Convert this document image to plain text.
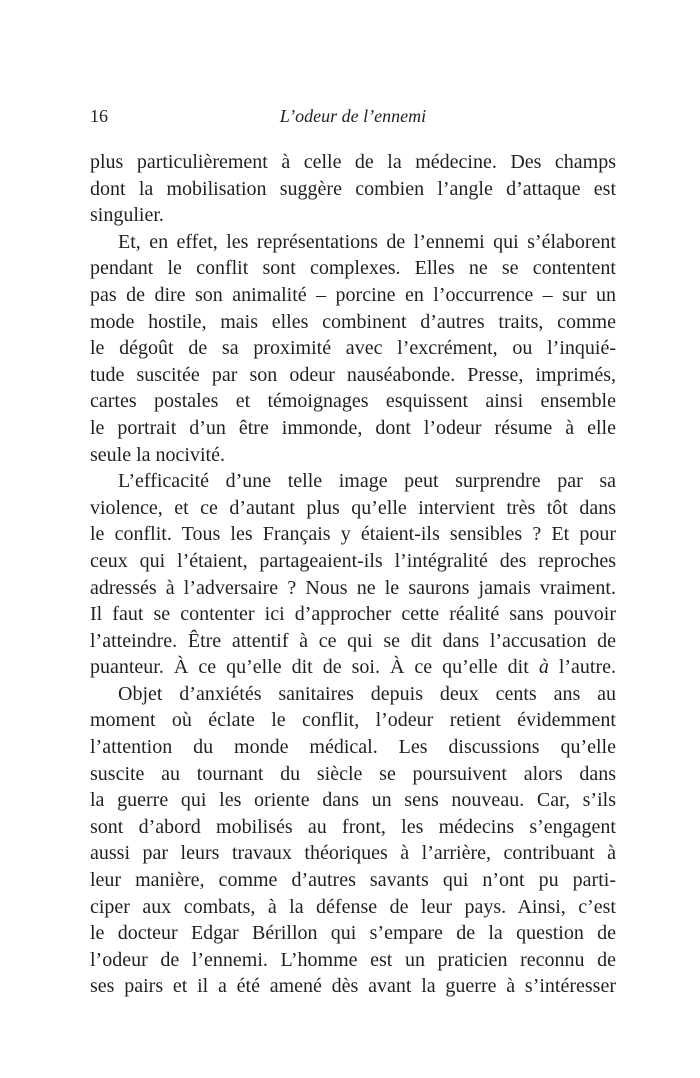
16	L’odeur de l’ennemi
plus particulièrement à celle de la médecine. Des champs
dont la mobilisation suggère combien l’angle d’attaque est
singulier.
Et, en effet, les représentations de l’ennemi qui s’élaborent
pendant le conflit sont complexes. Elles ne se contentent
pas de dire son animalité – porcine en l’occurrence – sur un
mode hostile, mais elles combinent d’autres traits, comme
le dégoût de sa proximité avec l’excrément, ou l’inquié-
tude suscitée par son odeur nauséabonde. Presse, imprimés,
cartes postales et témoignages esquissent ainsi ensemble
le portrait d’un être immonde, dont l’odeur résume à elle
seule la nocivité.
L’efficacité d’une telle image peut surprendre par sa
violence, et ce d’autant plus qu’elle intervient très tôt dans
le conflit. Tous les Français y étaient-ils sensibles ? Et pour
ceux qui l’étaient, partageaient-ils l’intégralité des reproches
adressés à l’adversaire ? Nous ne le saurons jamais vraiment.
Il faut se contenter ici d’approcher cette réalité sans pouvoir
l’atteindre. Être attentif à ce qui se dit dans l’accusation de
puanteur. À ce qu’elle dit de soi. À ce qu’elle dit à l’autre.
Objet d’anxiétés sanitaires depuis deux cents ans au
moment où éclate le conflit, l’odeur retient évidemment
l’attention du monde médical. Les discussions qu’elle
suscite au tournant du siècle se poursuivent alors dans
la guerre qui les oriente dans un sens nouveau. Car, s’ils
sont d’abord mobilisés au front, les médecins s’engagent
aussi par leurs travaux théoriques à l’arrière, contribuant à
leur manière, comme d’autres savants qui n’ont pu parti-
ciper aux combats, à la défense de leur pays. Ainsi, c’est
le docteur Edgar Bérillon qui s’empare de la question de
l’odeur de l’ennemi. L’homme est un praticien reconnu de
ses pairs et il a été amené dès avant la guerre à s’intéresser
